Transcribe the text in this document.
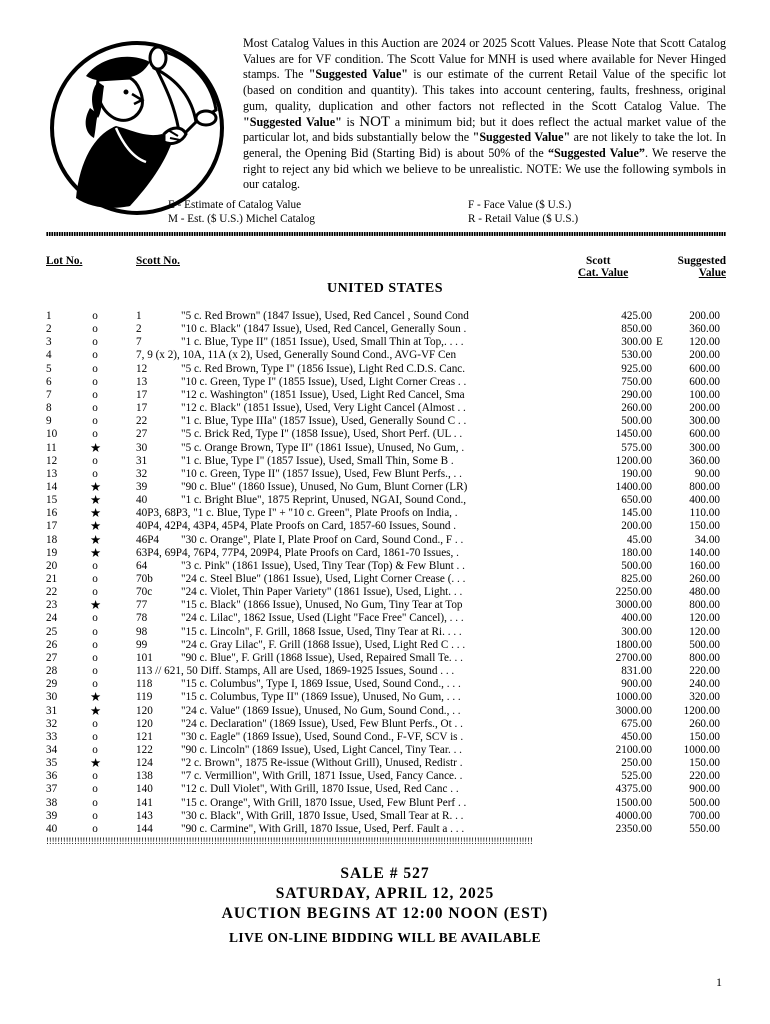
Most Catalog Values in this Auction are 2024 or 2025 Scott Values. Please Note that Scott Catalog Values are for VF condition. The Scott Value for MNH is used where available for Never Hinged stamps. The "Suggested Value" is our estimate of the current Retail Value of the specific lot (based on condition and quantity). This takes into account centering, faults, freshness, original gum, quality, duplication and other factors not reflected in the Scott Catalog Value. The "Suggested Value" is NOT a minimum bid; but it does reflect the actual market value of the particular lot, and bids substantially below the "Suggested Value" are not likely to take the lot. In general, the Opening Bid (Starting Bid) is about 50% of the “Suggested Value”. We reserve the right to reject any bid which we believe to be unrealistic. NOTE: We use the following symbols in our catalog.
E - Estimate of Catalog Value	F - Face Value ($ U.S.)
M - Est. ($ U.S.) Michel Catalog	R - Retail Value ($ U.S.)
Lot No.	Scott No.	Scott
Cat. Value
Suggested
Value
UNITED STATES
1	o	1	"5 c. Red Brown" (1847 Issue), Used, Red Cancel , Sound Cond	425.00	200.00
2	o	2	"10 c. Black" (1847 Issue), Used, Red Cancel, Generally Soun .	850.00	360.00
3	o	7	"1 c. Blue, Type II" (1851 Issue), Used, Small Thin at Top,. . . .	300.00 E	120.00
4	o	7, 9 (x 2), 10A, 11A (x 2), Used, Generally Sound Cond., AVG-VF Cen	530.00	200.00
5	o	12	"5 c. Red Brown, Type I" (1856 Issue), Light Red C.D.S. Canc.	925.00	600.00
6	o	13	"10 c. Green, Type I" (1855 Issue), Used, Light Corner Creas . .	750.00	600.00
7	o	17	"12 c. Washington" (1851 Issue), Used, Light Red Cancel, Sma	290.00	100.00
8	o	17	"12 c. Black" (1851 Issue), Used, Very Light Cancel (Almost . .	260.00	200.00
9	o	22	"1 c. Blue, Type IIIa" (1857 Issue), Used, Generally Sound C . .	500.00	300.00
10	o	27	"5 c. Brick Red, Type I" (1858 Issue), Used, Short Perf. (UL . .	1450.00	600.00
11	★	30	"5 c. Orange Brown, Type II" (1861 Issue), Unused, No Gum, .	575.00	300.00
12	o	31	"1 c. Blue, Type I" (1857 Issue), Used, Small Thin, Some B .	1200.00	360.00
13	o	32	"10 c. Green, Type II" (1857 Issue), Used, Few Blunt Perfs., . .	190.00	90.00
14	★	39	"90 c. Blue" (1860 Issue), Unused, No Gum, Blunt Corner (LR)	1400.00	800.00
15	★	40	"1 c. Bright Blue", 1875 Reprint, Unused, NGAI, Sound Cond.,	650.00	400.00
16	★	40P3, 68P3, "1 c. Blue, Type I" + "10 c. Green", Plate Proofs on India, .	145.00	110.00
17	★	40P4, 42P4, 43P4, 45P4, Plate Proofs on Card, 1857-60 Issues, Sound .	200.00	150.00
18	★	46P4 "30 c. Orange", Plate I, Plate Proof on Card, Sound Cond., F . .	45.00	34.00
19	★	63P4, 69P4, 76P4, 77P4, 209P4, Plate Proofs on Card, 1861-70 Issues, .	180.00	140.00
20	o	64	"3 c. Pink" (1861 Issue), Used, Tiny Tear (Top) & Few Blunt . .	500.00	160.00
21	o	70b	"24 c. Steel Blue" (1861 Issue), Used, Light Corner Crease (. . .	825.00	260.00
22	o	70c	"24 c. Violet, Thin Paper Variety" (1861 Issue), Used, Light. . .	2250.00	480.00
23	★	77	"15 c. Black" (1866 Issue), Unused, No Gum, Tiny Tear at Top	3000.00	800.00
24	o	78	"24 c. Lilac", 1862 Issue, Used (Light "Face Free" Cancel), . . .	400.00	120.00
25	o	98	"15 c. Lincoln", F. Grill, 1868 Issue, Used, Tiny Tear at Ri. . . .	300.00	120.00
26	o	99	"24 c. Gray Lilac", F. Grill (1868 Issue), Used, Light Red C . . .	1800.00	500.00
27	o	101	"90 c. Blue", F. Grill (1868 Issue), Used, Repaired Small Te. . .	2700.00	800.00
28	o	113 // 621, 50 Diff. Stamps, All are Used, 1869-1925 Issues, Sound . . .	831.00	220.00
29	o	118	"15 c. Columbus", Type I, 1869 Issue, Used, Sound Cond., . . .	900.00	240.00
30	★	119	"15 c. Columbus, Type II" (1869 Issue), Unused, No Gum, . . .	1000.00	320.00
31	★	120	"24 c. Value" (1869 Issue), Unused, No Gum, Sound Cond., . .	3000.00	1200.00
32	o	120	"24 c. Declaration" (1869 Issue), Used, Few Blunt Perfs., Ot . .	675.00	260.00
33	o	121	"30 c. Eagle" (1869 Issue), Used, Sound Cond., F-VF, SCV is .	450.00	150.00
34	o	122	"90 c. Lincoln" (1869 Issue), Used, Light Cancel, Tiny Tear. . .	2100.00	1000.00
35	★	124	"2 c. Brown", 1875 Re-issue (Without Grill), Unused, Redistr .	250.00	150.00
36	o	138	"7 c. Vermillion", With Grill, 1871 Issue, Used, Fancy Cance. .	525.00	220.00
37	o	140	"12 c. Dull Violet", With Grill, 1870 Issue, Used, Red Canc . .	4375.00	900.00
38	o	141	"15 c. Orange", With Grill, 1870 Issue, Used, Few Blunt Perf . .	1500.00	500.00
39	o	143	"30 c. Black", With Grill, 1870 Issue, Used, Small Tear at R. . .	4000.00	700.00
40	o	144	"90 c. Carmine", With Grill, 1870 Issue, Used, Perf. Fault a . . .	2350.00	550.00
!!!!!!!!!!!!!!!!!!!!!!!!!!!!!!!!!!!!!!!!!!!!!!!!!!!!!!!!!!!!!!!!!!!!!!!!!!!!!!!!!!!!!!!!!!!!!!!!!!!!!!!!!!!!!!!!!!!!!!!!!!!!!!!!!!!!!!!!!!!!!!!!!!!!!!!!!!!!!!!!!!!!!!!!!!!!!!
SALE # 527
SATURDAY, APRIL 12, 2025
AUCTION BEGINS AT 12:00 NOON (EST)
LIVE ON-LINE BIDDING WILL BE AVAILABLE
1
